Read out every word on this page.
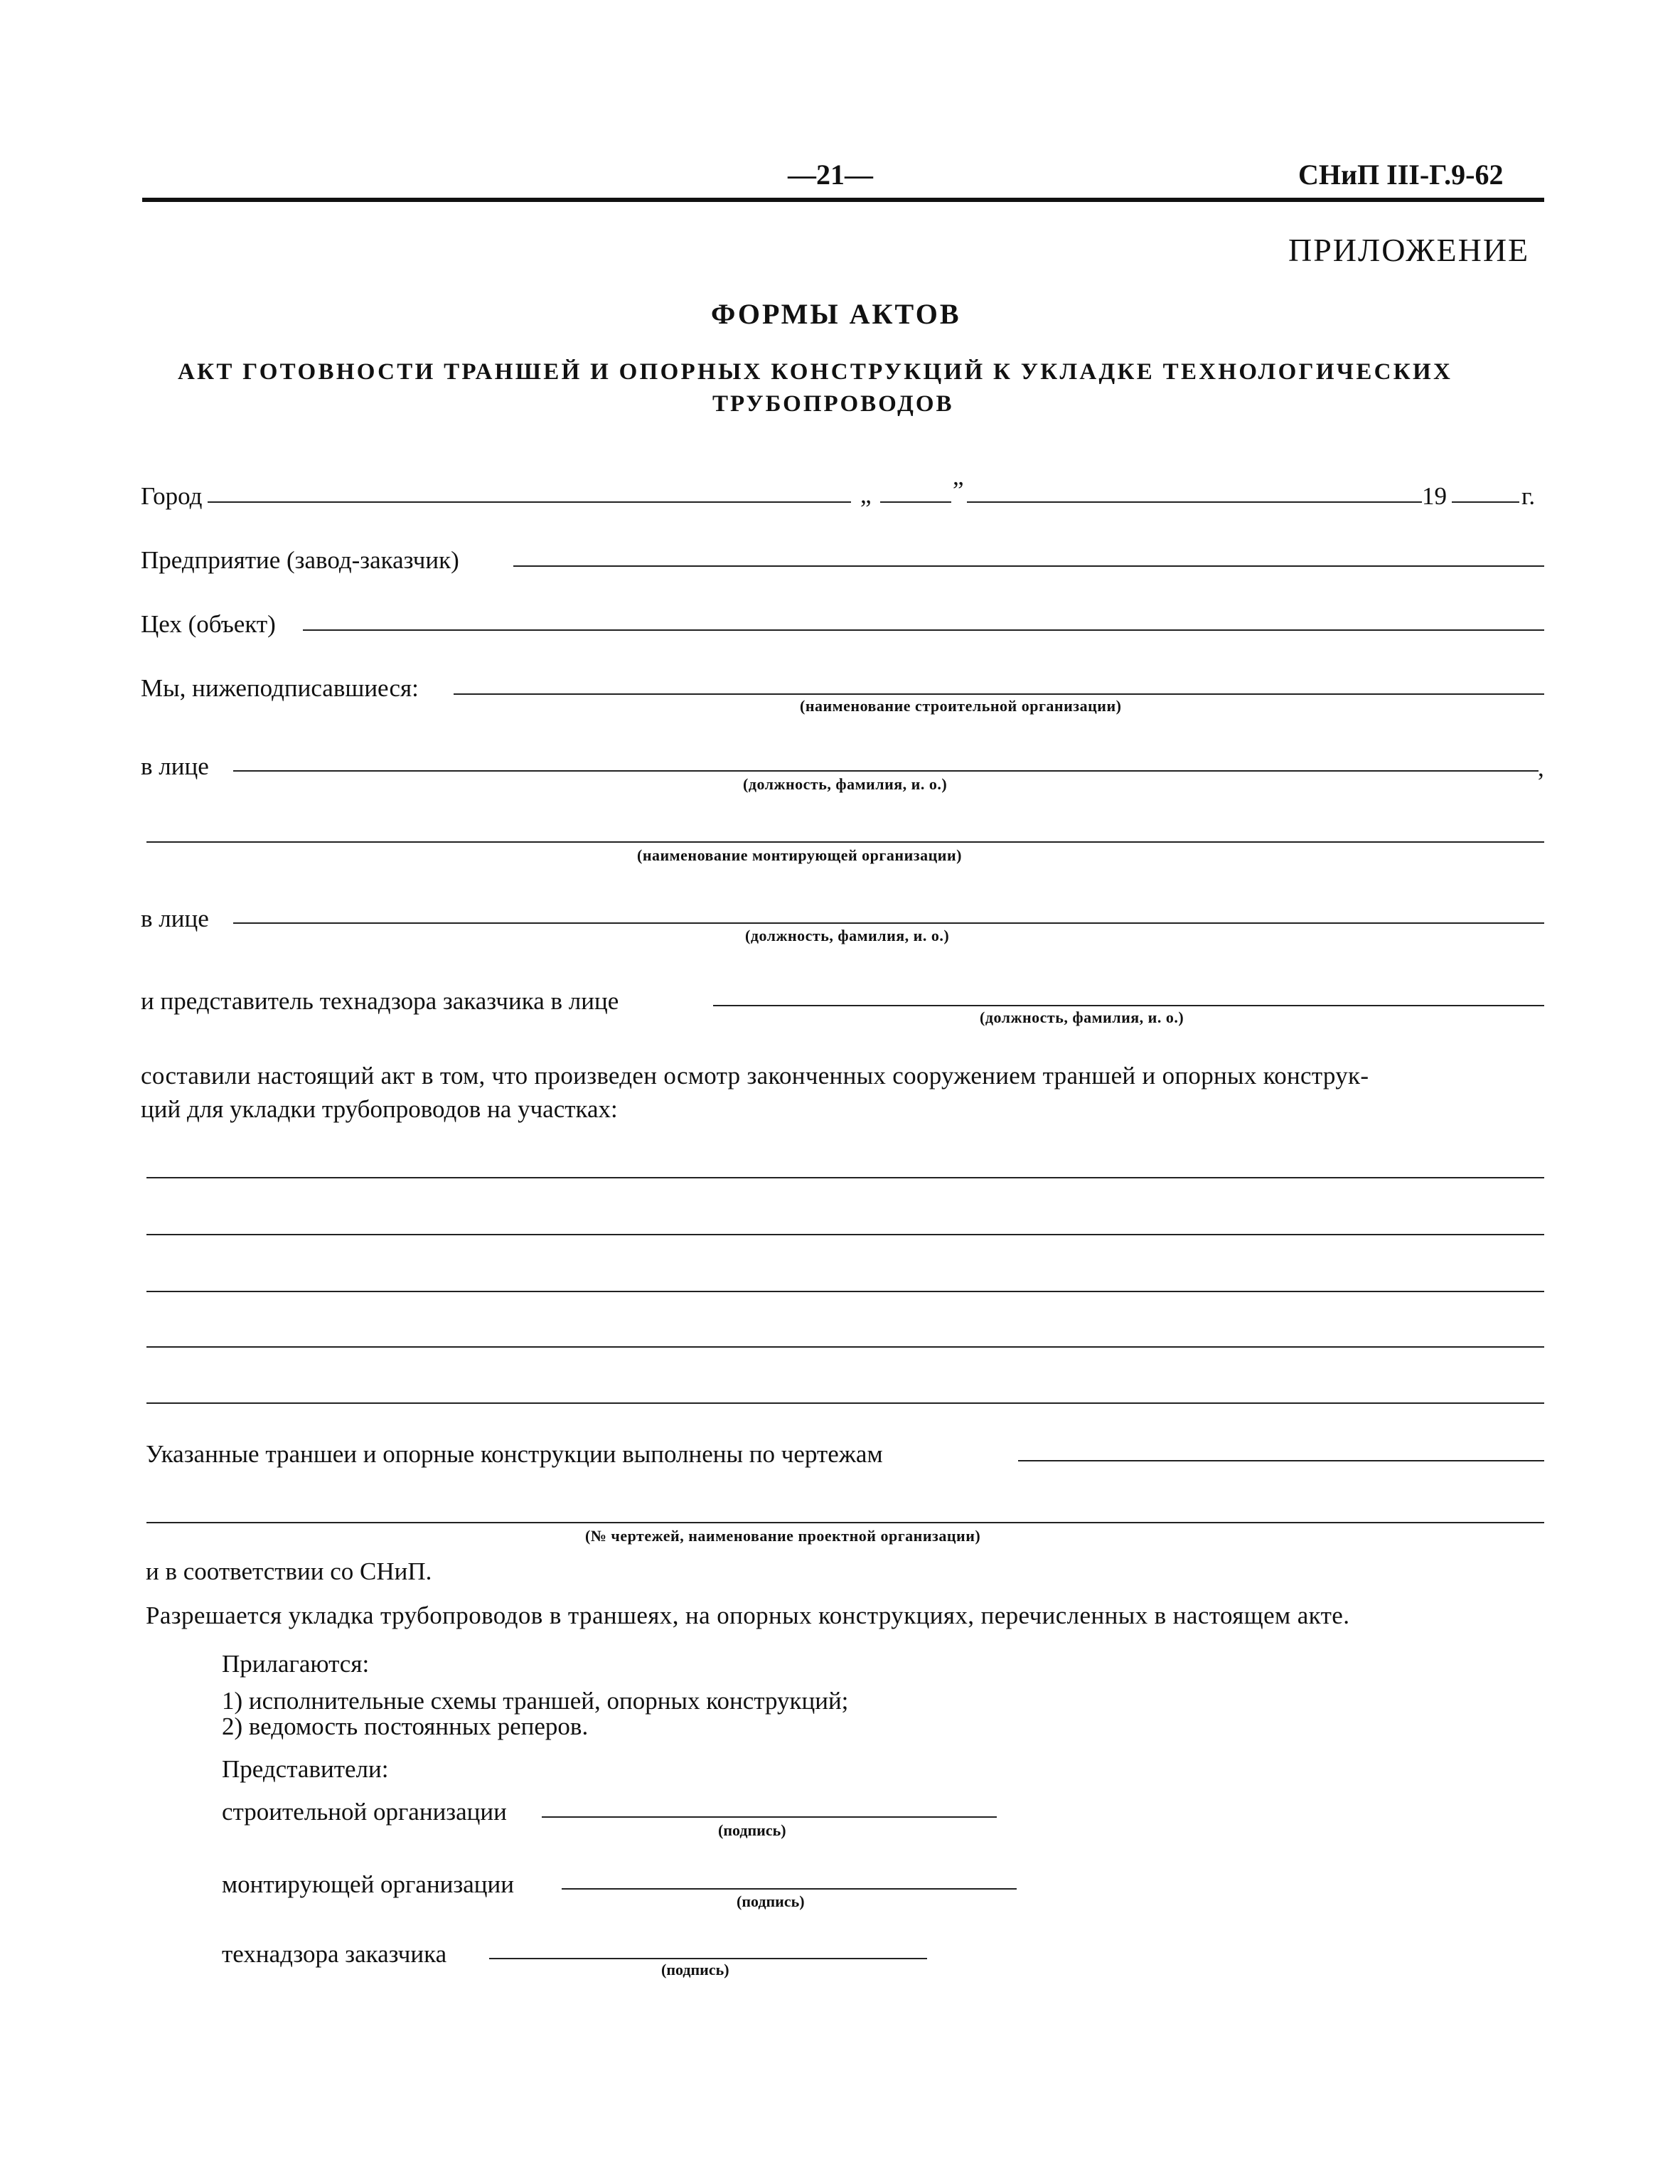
—21—	СНиП III-Г.9-62
ПРИЛОЖЕНИЕ
ФОРМЫ АКТОВ
АКТ ГОТОВНОСТИ ТРАНШЕЙ И ОПОРНЫХ КОНСТРУКЦИЙ К УКЛАДКЕ ТЕХНОЛОГИЧЕСКИХ
ТРУБОПРОВОДОВ
Город	„	”	19	г.
Предприятие (завод-заказчик)
Цех (объект)
Мы, нижеподписавшиеся:
(наименование строительной организации)
в лице	,
(должность, фамилия, и. о.)
(наименование монтирующей организации)
в лице
(должность, фамилия, и. о.)
и представитель технадзора заказчика в лице
(должность, фамилия, и. о.)
составили настоящий акт в том, что произведен осмотр законченных сооружением траншей и опорных конструк-
ций для укладки трубопроводов на участках:
Указанные траншеи и опорные конструкции выполнены по чертежам
(№ чертежей, наименование проектной организации)
и в соответствии со СНиП.
Разрешается укладка трубопроводов в траншеях, на опорных конструкциях, перечисленных в настоящем акте.
Прилагаются:
1) исполнительные схемы траншей, опорных конструкций;
2) ведомость постоянных реперов.
Представители:
строительной организации
(подпись)
монтирующей организации
(подпись)
технадзора заказчика
(подпись)
